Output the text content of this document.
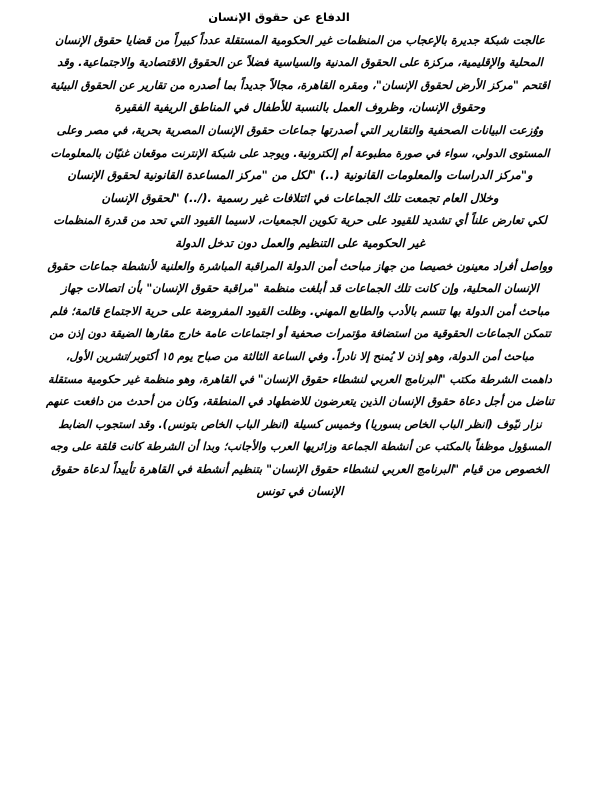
الدفاع عن حقوق الإنسان
عالجت شبكة جديرة بالإعجاب من المنظمات غير الحكومية المستقلة عدداً كبيراً من قضايا حقوق الإنسان
المحلية والإقليمية، مركزة على الحقوق المدنية والسياسية فضلاً عن الحقوق الاقتصادية والاجتماعية. وقد
اقتحم "مركز الأرض لحقوق الإنسان"، ومقره القاهرة، مجالاً جديداً بما أصدره من تقارير عن الحقوق البيئية
وحقوق الإنسان، وظروف العمل بالنسبة للأطفال في المناطق الريفية الفقيرة
ووُزعت البيانات الصحفية والتقارير التي أصدرتها جماعات حقوق الإنسان المصرية بحرية، في مصر وعلى
المستوى الدولي، سواء في صورة مطبوعة أم إلكترونية. ويوجد على شبكة الإنترنت موقعان غنيّان بالمعلومات
و"مركز الدراسات والمعلومات القانونية (..) "لكل من "مركز المساعدة القانونية لحقوق الإنسان
وخلال العام تجمعت تلك الجماعات في ائتلافات غير رسمية .(/..) "لحقوق الإنسان
لكي تعارض علناً أي تشديد للقيود على حرية تكوين الجمعيات، لاسيما القيود التي تحد من قدرة المنظمات
غير الحكومية على التنظيم والعمل دون تدخل الدولة
وواصل أفراد معينون خصيصا من جهاز مباحث أمن الدولة المراقبة المباشرة والعلنية لأنشطة جماعات حقوق
الإنسان المحلية، وإن كانت تلك الجماعات قد أبلغت منظمة "مراقبة حقوق الإنسان" بأن اتصالات جهاز
مباحث أمن الدولة بها تتسم بالأدب والطابع المهني. وظلت القيود المفروضة على حرية الاجتماع قائمة؛ فلم
تتمكن الجماعات الحقوقية من استضافة مؤتمرات صحفية أو اجتماعات عامة خارج مقارها الضيقة دون إذن من
مباحث أمن الدولة، وهو إذن لا يُمنح إلا نادراً. وفي الساعة الثالثة من صباح يوم ١٥ أكتوبر/تشرين الأول،
داهمت الشرطة مكتب "البرنامج العربي لنشطاء حقوق الإنسان" في القاهرة، وهو منظمة غير حكومية مستقلة
تناضل من أجل دعاة حقوق الإنسان الذين يتعرضون للاضطهاد في المنطقة، وكان من أحدث من دافعت عنهم
نزار نيّوف (انظر الباب الخاص بسوريا) وخميس كسيلة (انظر الباب الخاص بتونس). وقد استجوب الضابط
المسؤول موظفاً بالمكتب عن أنشطة الجماعة وزائريها العرب والأجانب؛ وبدا أن الشرطة كانت قلقة على وجه
الخصوص من قيام "البرنامج العربي لنشطاء حقوق الإنسان" بتنظيم أنشطة في القاهرة تأييداً لدعاة حقوق
الإنسان في تونس
